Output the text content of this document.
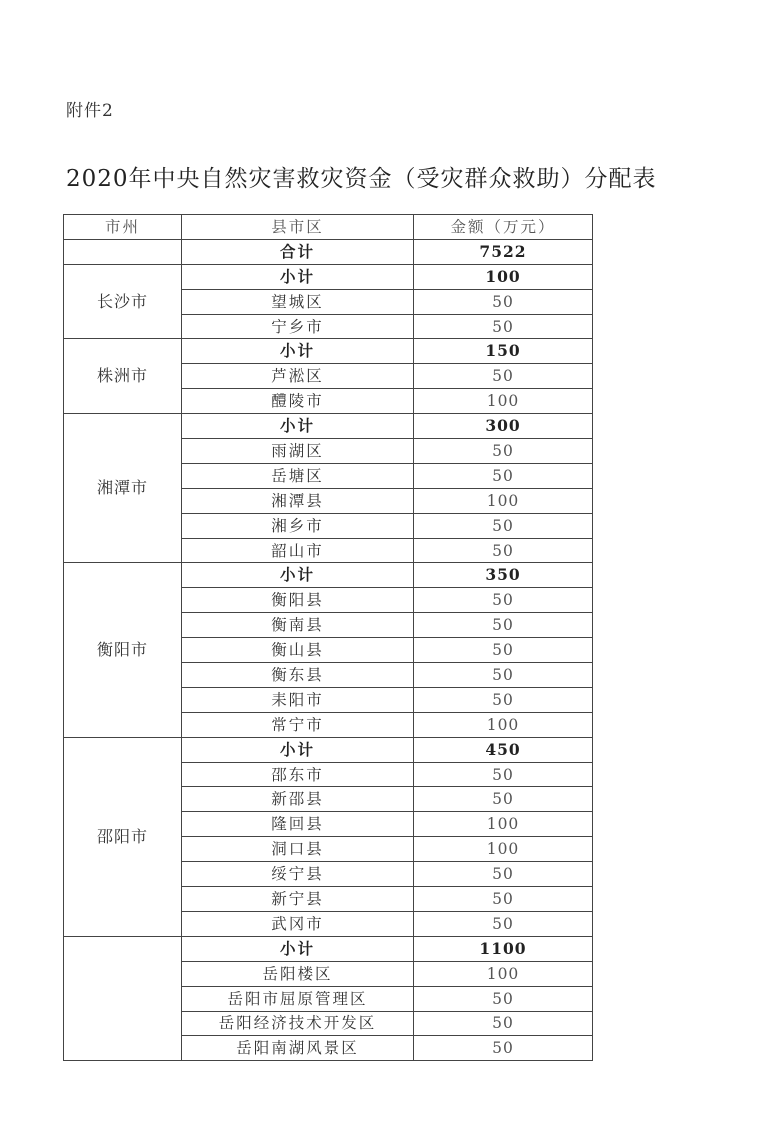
附件2
2020年中央自然灾害救灾资金（受灾群众救助）分配表
市州	县市区	金额（万元）
	合计	7522
长沙市	小计	100
	望城区	50
	宁乡市	50
株洲市	小计	150
	芦淞区	50
	醴陵市	100
湘潭市	小计	300
	雨湖区	50
	岳塘区	50
	湘潭县	100
	湘乡市	50
	韶山市	50
衡阳市	小计	350
	衡阳县	50
	衡南县	50
	衡山县	50
	衡东县	50
	耒阳市	50
	常宁市	100
邵阳市	小计	450
	邵东市	50
	新邵县	50
	隆回县	100
	洞口县	100
	绥宁县	50
	新宁县	50
	武冈市	50
	小计	1100
	岳阳楼区	100
	岳阳市屈原管理区	50
	岳阳经济技术开发区	50
	岳阳南湖风景区	50
